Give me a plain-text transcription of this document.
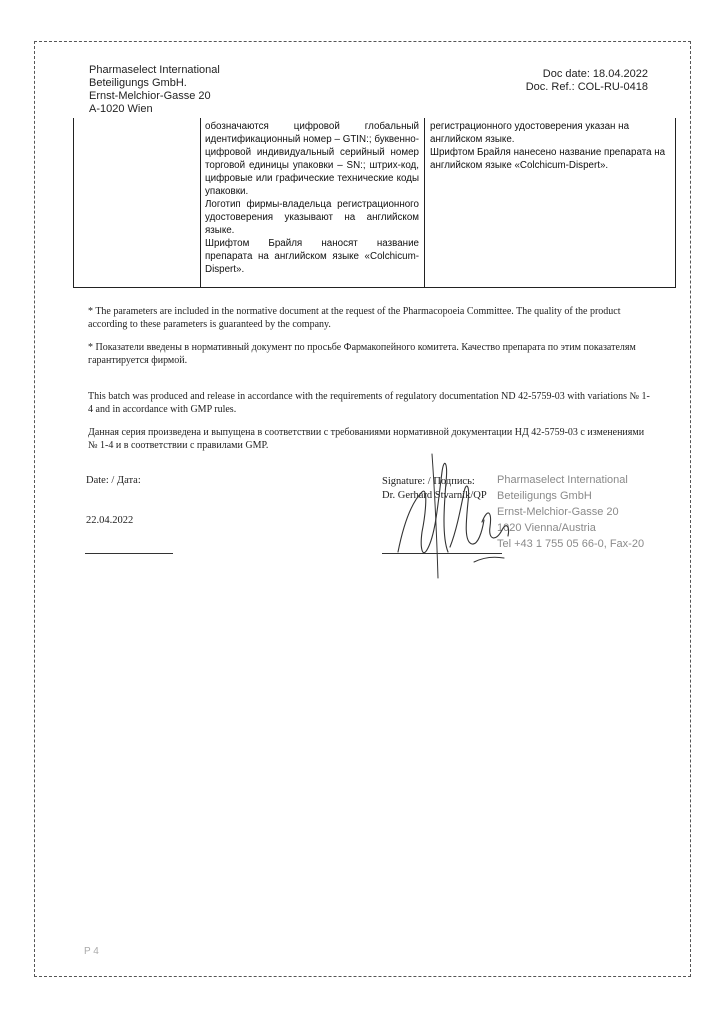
Pharmaselect International
Beteiligungs GmbH.
Ernst-Melchior-Gasse 20
A-1020 Wien
Doc date: 18.04.2022
Doc. Ref.: COL-RU-0418

обозначаются цифровой глобальный идентификационный номер – GTIN:; буквенно-цифровой индивидуальный серийный номер торговой единицы упаковки – SN:; штрих-код, цифровые или графические технические коды упаковки.

Логотип фирмы-владельца регистрационного удостоверения указывают на английском языке.

Шрифтом Брайля наносят название препарата на английском языке «Colchicum-Dispert».

регистрационного удостоверения указан на английском языке.

Шрифтом Брайля нанесено название препарата на английском языке «Colchicum-Dispert».

* The parameters are included in the normative document at the request of the Pharmacopoeia Committee. The quality of the product according to these parameters is guaranteed by the company.

* Показатели введены в нормативный документ по просьбе Фармакопейного комитета. Качество препарата по этим показателям гарантируется фирмой.

This batch was produced and release in accordance with the requirements of regulatory documentation ND 42-5759-03 with variations № 1-4 and in accordance with GMP rules.

Данная серия произведена и выпущена в соответствии с требованиями нормативной документации НД 42-5759-03 с изменениями № 1-4 и в соответствии с правилами GMP.

Date: / Дата:
22.04.2022
Signature: / Подпись:
Dr. Gerhard Stvarnik/QP
Pharmaselect International
Beteiligungs GmbH
Ernst-Melchior-Gasse 20
1020 Vienna/Austria
Tel +43 1 755 05 66-0, Fax-20
P 4
